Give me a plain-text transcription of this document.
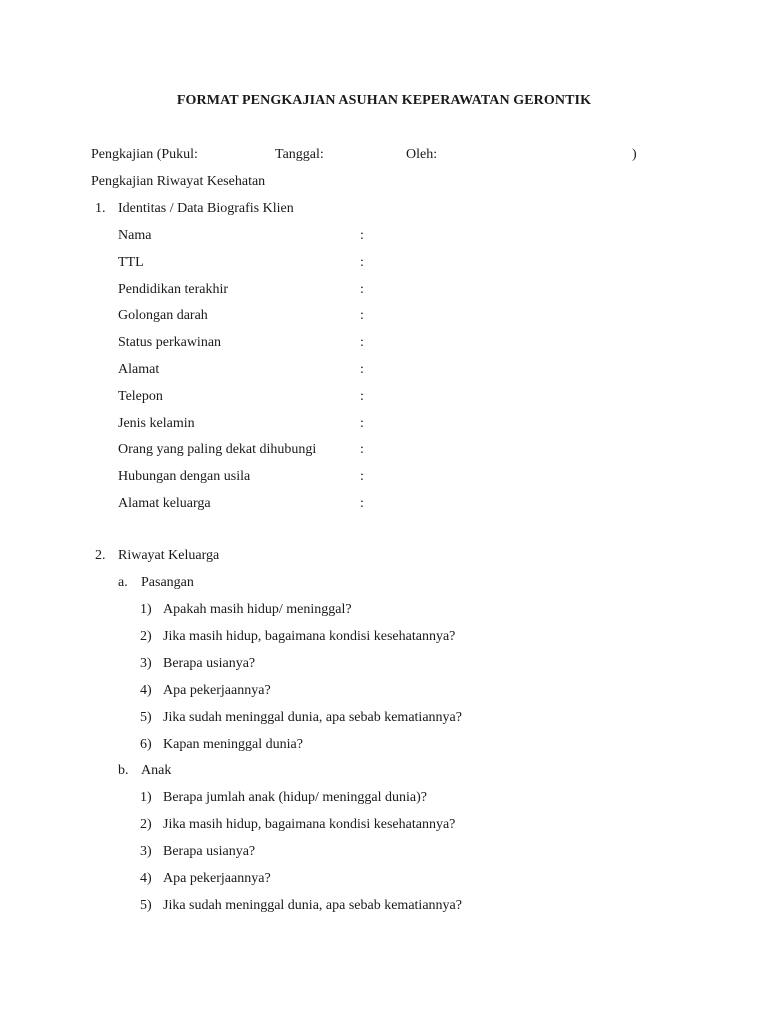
FORMAT PENGKAJIAN ASUHAN KEPERAWATAN GERONTIK
Pengkajian (Pukul:	Tanggal:	Oleh:	)
Pengkajian Riwayat Kesehatan
1. Identitas / Data Biografis Klien
Nama	:
TTL	:
Pendidikan terakhir	:
Golongan darah	:
Status perkawinan	:
Alamat	:
Telepon	:
Jenis kelamin	:
Orang yang paling dekat dihubungi	:
Hubungan dengan usila	:
Alamat keluarga	:
2. Riwayat Keluarga
a. Pasangan
1) Apakah masih hidup/ meninggal?
2) Jika masih hidup, bagaimana kondisi kesehatannya?
3) Berapa usianya?
4) Apa pekerjaannya?
5) Jika sudah meninggal dunia, apa sebab kematiannya?
6) Kapan meninggal dunia?
b. Anak
1) Berapa jumlah anak (hidup/ meninggal dunia)?
2) Jika masih hidup, bagaimana kondisi kesehatannya?
3) Berapa usianya?
4) Apa pekerjaannya?
5) Jika sudah meninggal dunia, apa sebab kematiannya?
